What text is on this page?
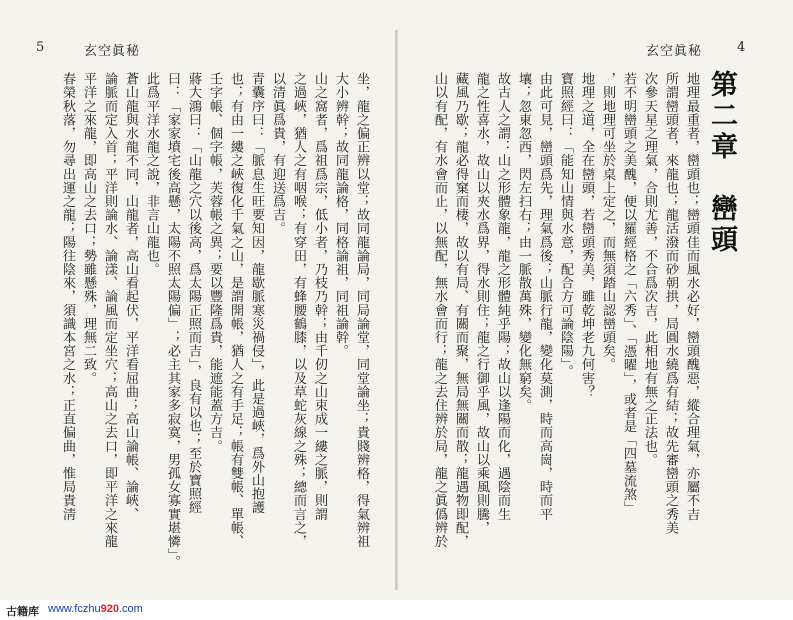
5	玄空眞秘
坐，龍之偏正辨以堂；故同龍論局，同局論堂，同堂論坐；貴賤辨格，得氣辨祖
大小辨幹；故同龍論格，同格論祖，同祖論幹。
山之窩者，爲祖爲宗，低小者，乃枝乃幹；由千仞之山束成一縷之脈，則謂
之過峽，猶人之有咽喉；有穿田，有蜂腰鶴膝，以及草蛇灰線之殊；總而言之，
以清眞爲貴，有迎送爲吉。
青囊序曰：「脈息生旺要知因，龍歇脈寒災禍侵」，此是過峽，爲外山抱護
也；有由一縷之峽復化千氣之山，是謂開帳，猶人之有手足；帳有雙帳、單帳、
壬字帳、個字帳，芙蓉帳之異；要以豐隆爲貴，能遮能蓋方吉。
蔣大鴻曰：「山龍之穴以後高，爲太陽正照而吉」，良有以也；至於寶照經
曰：「家家墳宅後高懸，太陽不照太陽偏」；必主其家多寂寞，男孤女寡實堪憐」。
此爲平洋水龍之說，非言山龍也。
蒼山龍與水龍不同，山龍者，高山看起伏，平洋看屈曲；高山論帳、論峽、
論脈而定入首；平洋則論水、論漾、論風而定坐穴；高山之去口，即平洋之來龍
平洋之來龍，即高山之去口；勢雖懸殊，理無二致。
春榮秋落，勿尋出運之龍；陽往陰來，須識本宮之水；正直偏曲，惟局貴淸
玄空眞秘	4
第二章　巒頭
地理最重者，巒頭也；巒頭佳而風水必好，巒頭醜惡，縱合理氣，亦屬不吉
所謂巒頭者，來龍也；龍活潑而砂朝拱，局圓水繞爲有結；故先審巒頭之秀美
次參天星之理氣，合則尤善，不合爲次吉，此相地有無之正法也。
若不明巒頭之美醜，便以羅經格之「六秀」、「憑曜」，或者是「四墓流煞」
，則地理可坐於桌上定之，而無須踏山認巒頭矣。
地理之道，全在巒頭，若巒頭秀美，雖乾坤老九何害？
寶照經曰：「能知山情與水意，配合方可論陰陽」。
由此可見，巒頭爲先，理氣爲後；山脈行龍，變化莫測，時而高崗，時而平
壤；忽東忽西，閃左扫右；由一脈散萬殊，變化無窮矣。
故古人之謂：山之形體象龍，龍之形體純乎陽；故山以逢陽而化，遇陰而生
龍之性喜水，故山以夾水爲界，得水則住；龍之行御乎風，故山以乘風則騰，
藏風乃歇；龍必得窠而棲，故以有局、有關而聚，無局無關而散；龍遇物即配，
山以有配，有水會而止，以無配，無水會而行；龍之去住辨於局，龍之眞僞辨於
古籍库 www.fczhu920.com
